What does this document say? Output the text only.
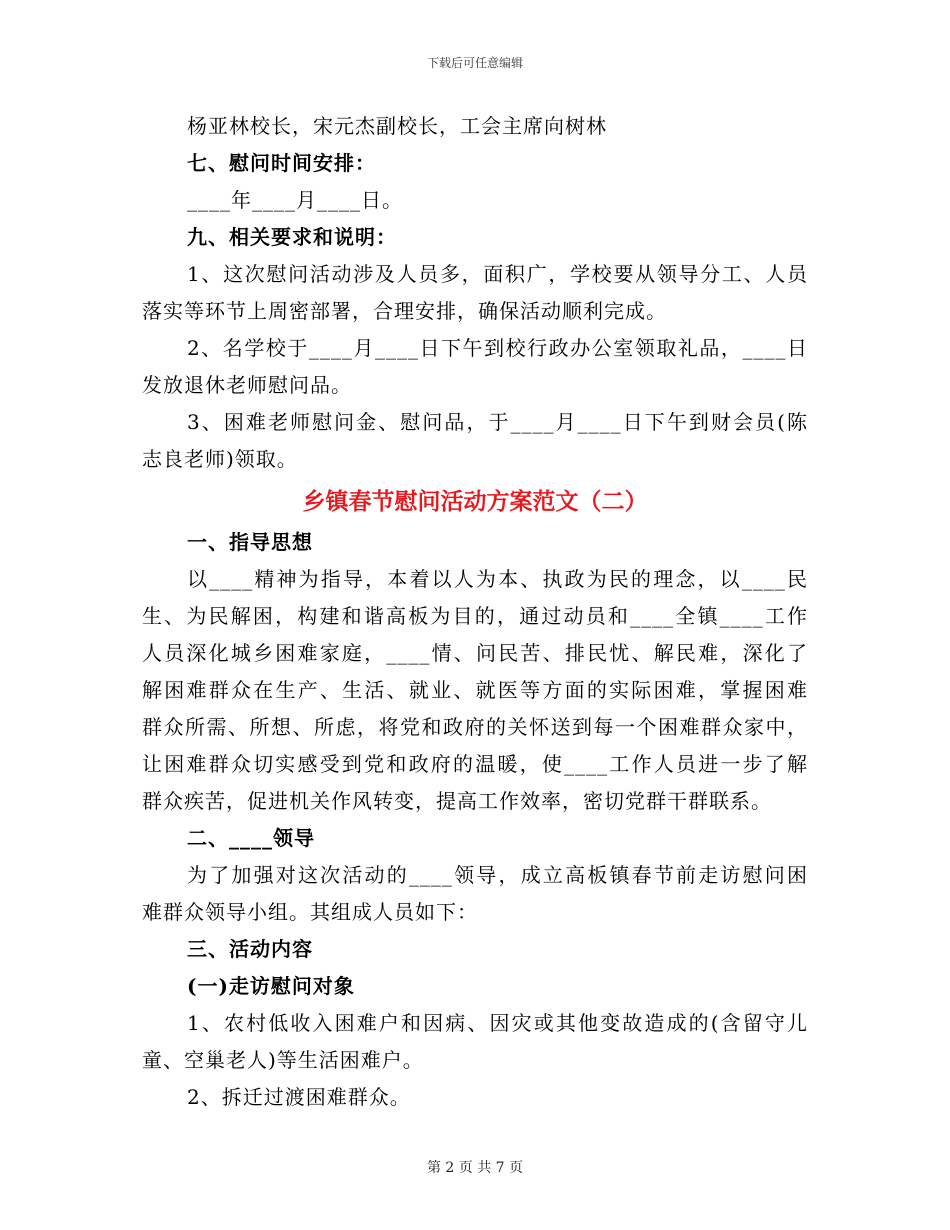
下载后可任意编辑
杨亚林校长，宋元杰副校长，工会主席向树林
七、慰问时间安排：
____年____月____日。
九、相关要求和说明：
1、这次慰问活动涉及人员多，面积广，学校要从领导分工、人员
落实等环节上周密部署，合理安排，确保活动顺利完成。
2、名学校于____月____日下午到校行政办公室领取礼品，____日
发放退休老师慰问品。
3、困难老师慰问金、慰问品，于____月____日下午到财会员(陈
志良老师)领取。
乡镇春节慰问活动方案范文（二）
一、指导思想
以____精神为指导，本着以人为本、执政为民的理念，以____民
生、为民解困，构建和谐高板为目的，通过动员和____全镇____工作
人员深化城乡困难家庭，____情、问民苦、排民忧、解民难，深化了
解困难群众在生产、生活、就业、就医等方面的实际困难，掌握困难
群众所需、所想、所虑，将党和政府的关怀送到每一个困难群众家中，
让困难群众切实感受到党和政府的温暖，使____工作人员进一步了解
群众疾苦，促进机关作风转变，提高工作效率，密切党群干群联系。
二、____领导
为了加强对这次活动的____领导，成立高板镇春节前走访慰问困
难群众领导小组。其组成人员如下：
三、活动内容
(一)走访慰问对象
1、农村低收入困难户和因病、因灾或其他变故造成的(含留守儿
童、空巢老人)等生活困难户。
2、拆迁过渡困难群众。
第 2 页 共 7 页
